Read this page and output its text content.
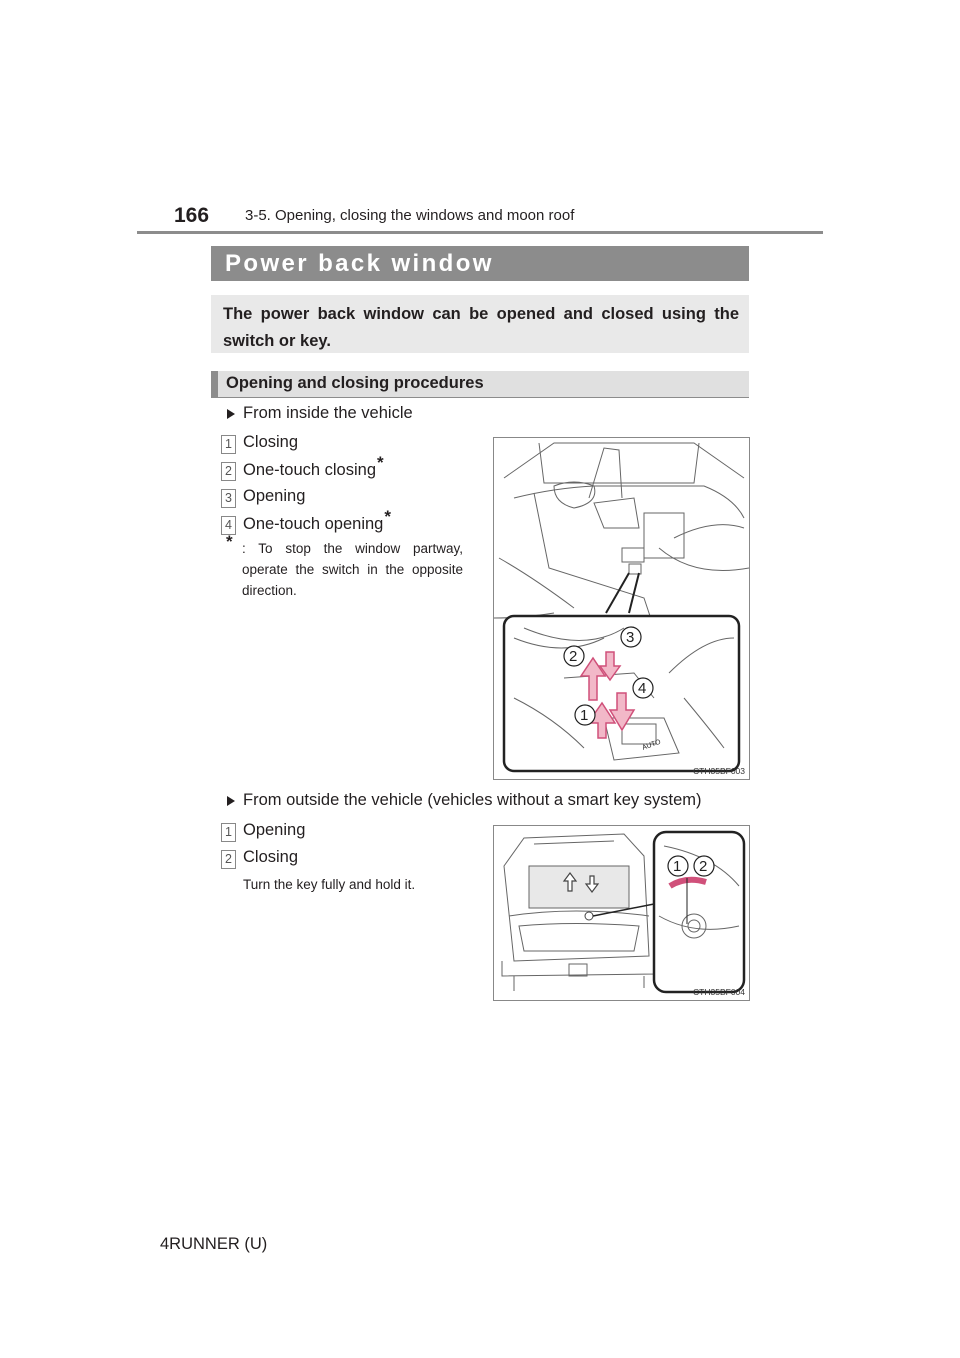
166 3-5. Opening, closing the windows and moon roof
Power back window
The power back window can be opened and closed using the switch or key.
Opening and closing procedures
From inside the vehicle
1 Closing
2 One-touch closing*
3 Opening
4 One-touch opening*
* : To stop the window partway, operate the switch in the opposite direction.
2
3
4
1
AUTO
CTH35BF003
From outside the vehicle (vehicles without a smart key system)
1 Opening
2 Closing
Turn the key fully and hold it.
1 2
CTH35BF004
4RUNNER (U)
